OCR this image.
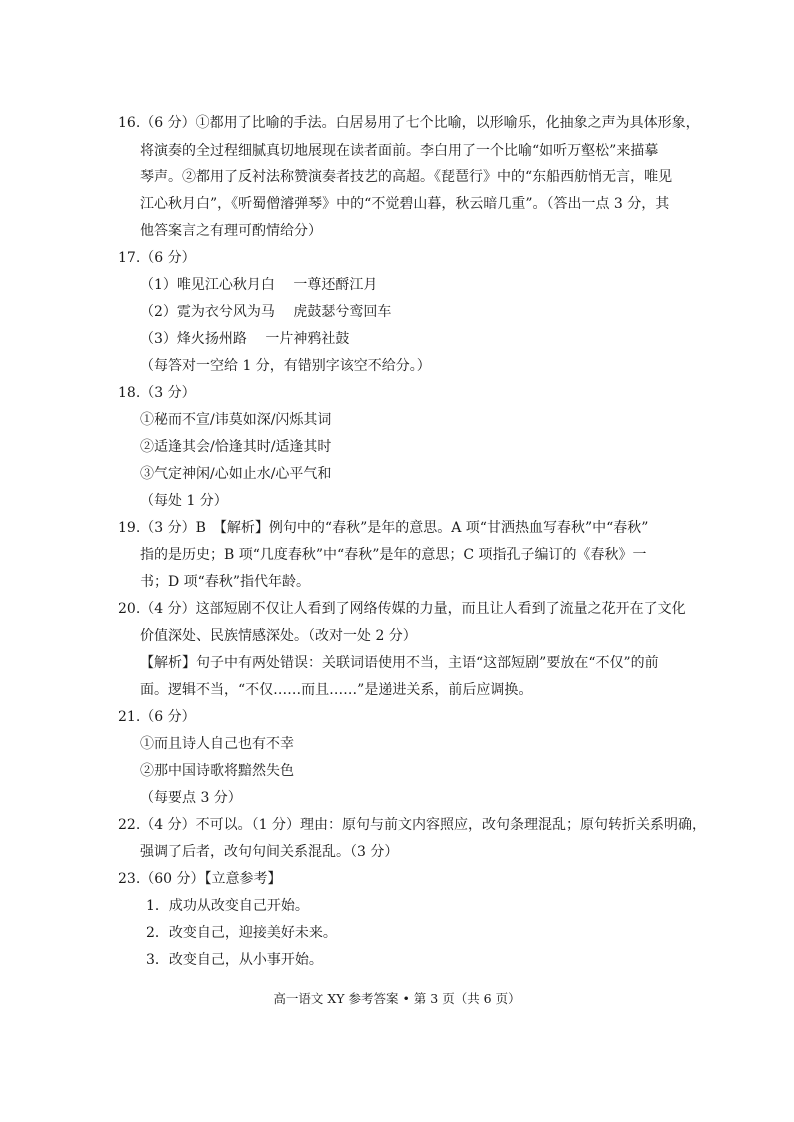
16.（6 分）①都用了比喻的手法。白居易用了七个比喻，以形喻乐，化抽象之声为具体形象，
将演奏的全过程细腻真切地展现在读者面前。李白用了一个比喻“如听万壑松”来描摹
琴声。②都用了反衬法称赞演奏者技艺的高超。《琵琶行》中的“东船西舫悄无言，唯见
江心秋月白”，《听蜀僧濬弹琴》中的“不觉碧山暮，秋云暗几重”。（答出一点 3 分，其
他答案言之有理可酌情给分）
17.（6 分）
（1）唯见江心秋月白　 一尊还酹江月
（2）霓为衣兮风为马　 虎鼓瑟兮鸾回车
（3）烽火扬州路　 一片神鸦社鼓
（每答对一空给 1 分，有错别字该空不给分。）
18.（3 分）
①秘而不宣/讳莫如深/闪烁其词
②适逢其会/恰逢其时/适逢其时
③气定神闲/心如止水/心平气和
（每处 1 分）
19.（3 分）B　【解析】例句中的“春秋”是年的意思。A 项“甘洒热血写春秋”中“春秋”
指的是历史；B 项“几度春秋”中“春秋”是年的意思；C 项指孔子编订的《春秋》一
书；D 项“春秋”指代年龄。
20.（4 分）这部短剧不仅让人看到了网络传媒的力量，而且让人看到了流量之花开在了文化
价值深处、民族情感深处。（改对一处 2 分）
【解析】句子中有两处错误：关联词语使用不当，主语“这部短剧”要放在“不仅”的前
面。逻辑不当，“不仅……而且……”是递进关系，前后应调换。
21.（6 分）
①而且诗人自己也有不幸
②那中国诗歌将黯然失色
（每要点 3 分）
22.（4 分）不可以。（1 分）理由：原句与前文内容照应，改句条理混乱；原句转折关系明确，
强调了后者，改句句间关系混乱。（3 分）
23.（60 分）【立意参考】
1．成功从改变自己开始。
2．改变自己，迎接美好未来。
3．改变自己，从小事开始。
高一语文 XY 参考答案 • 第 3 页（共 6 页）
